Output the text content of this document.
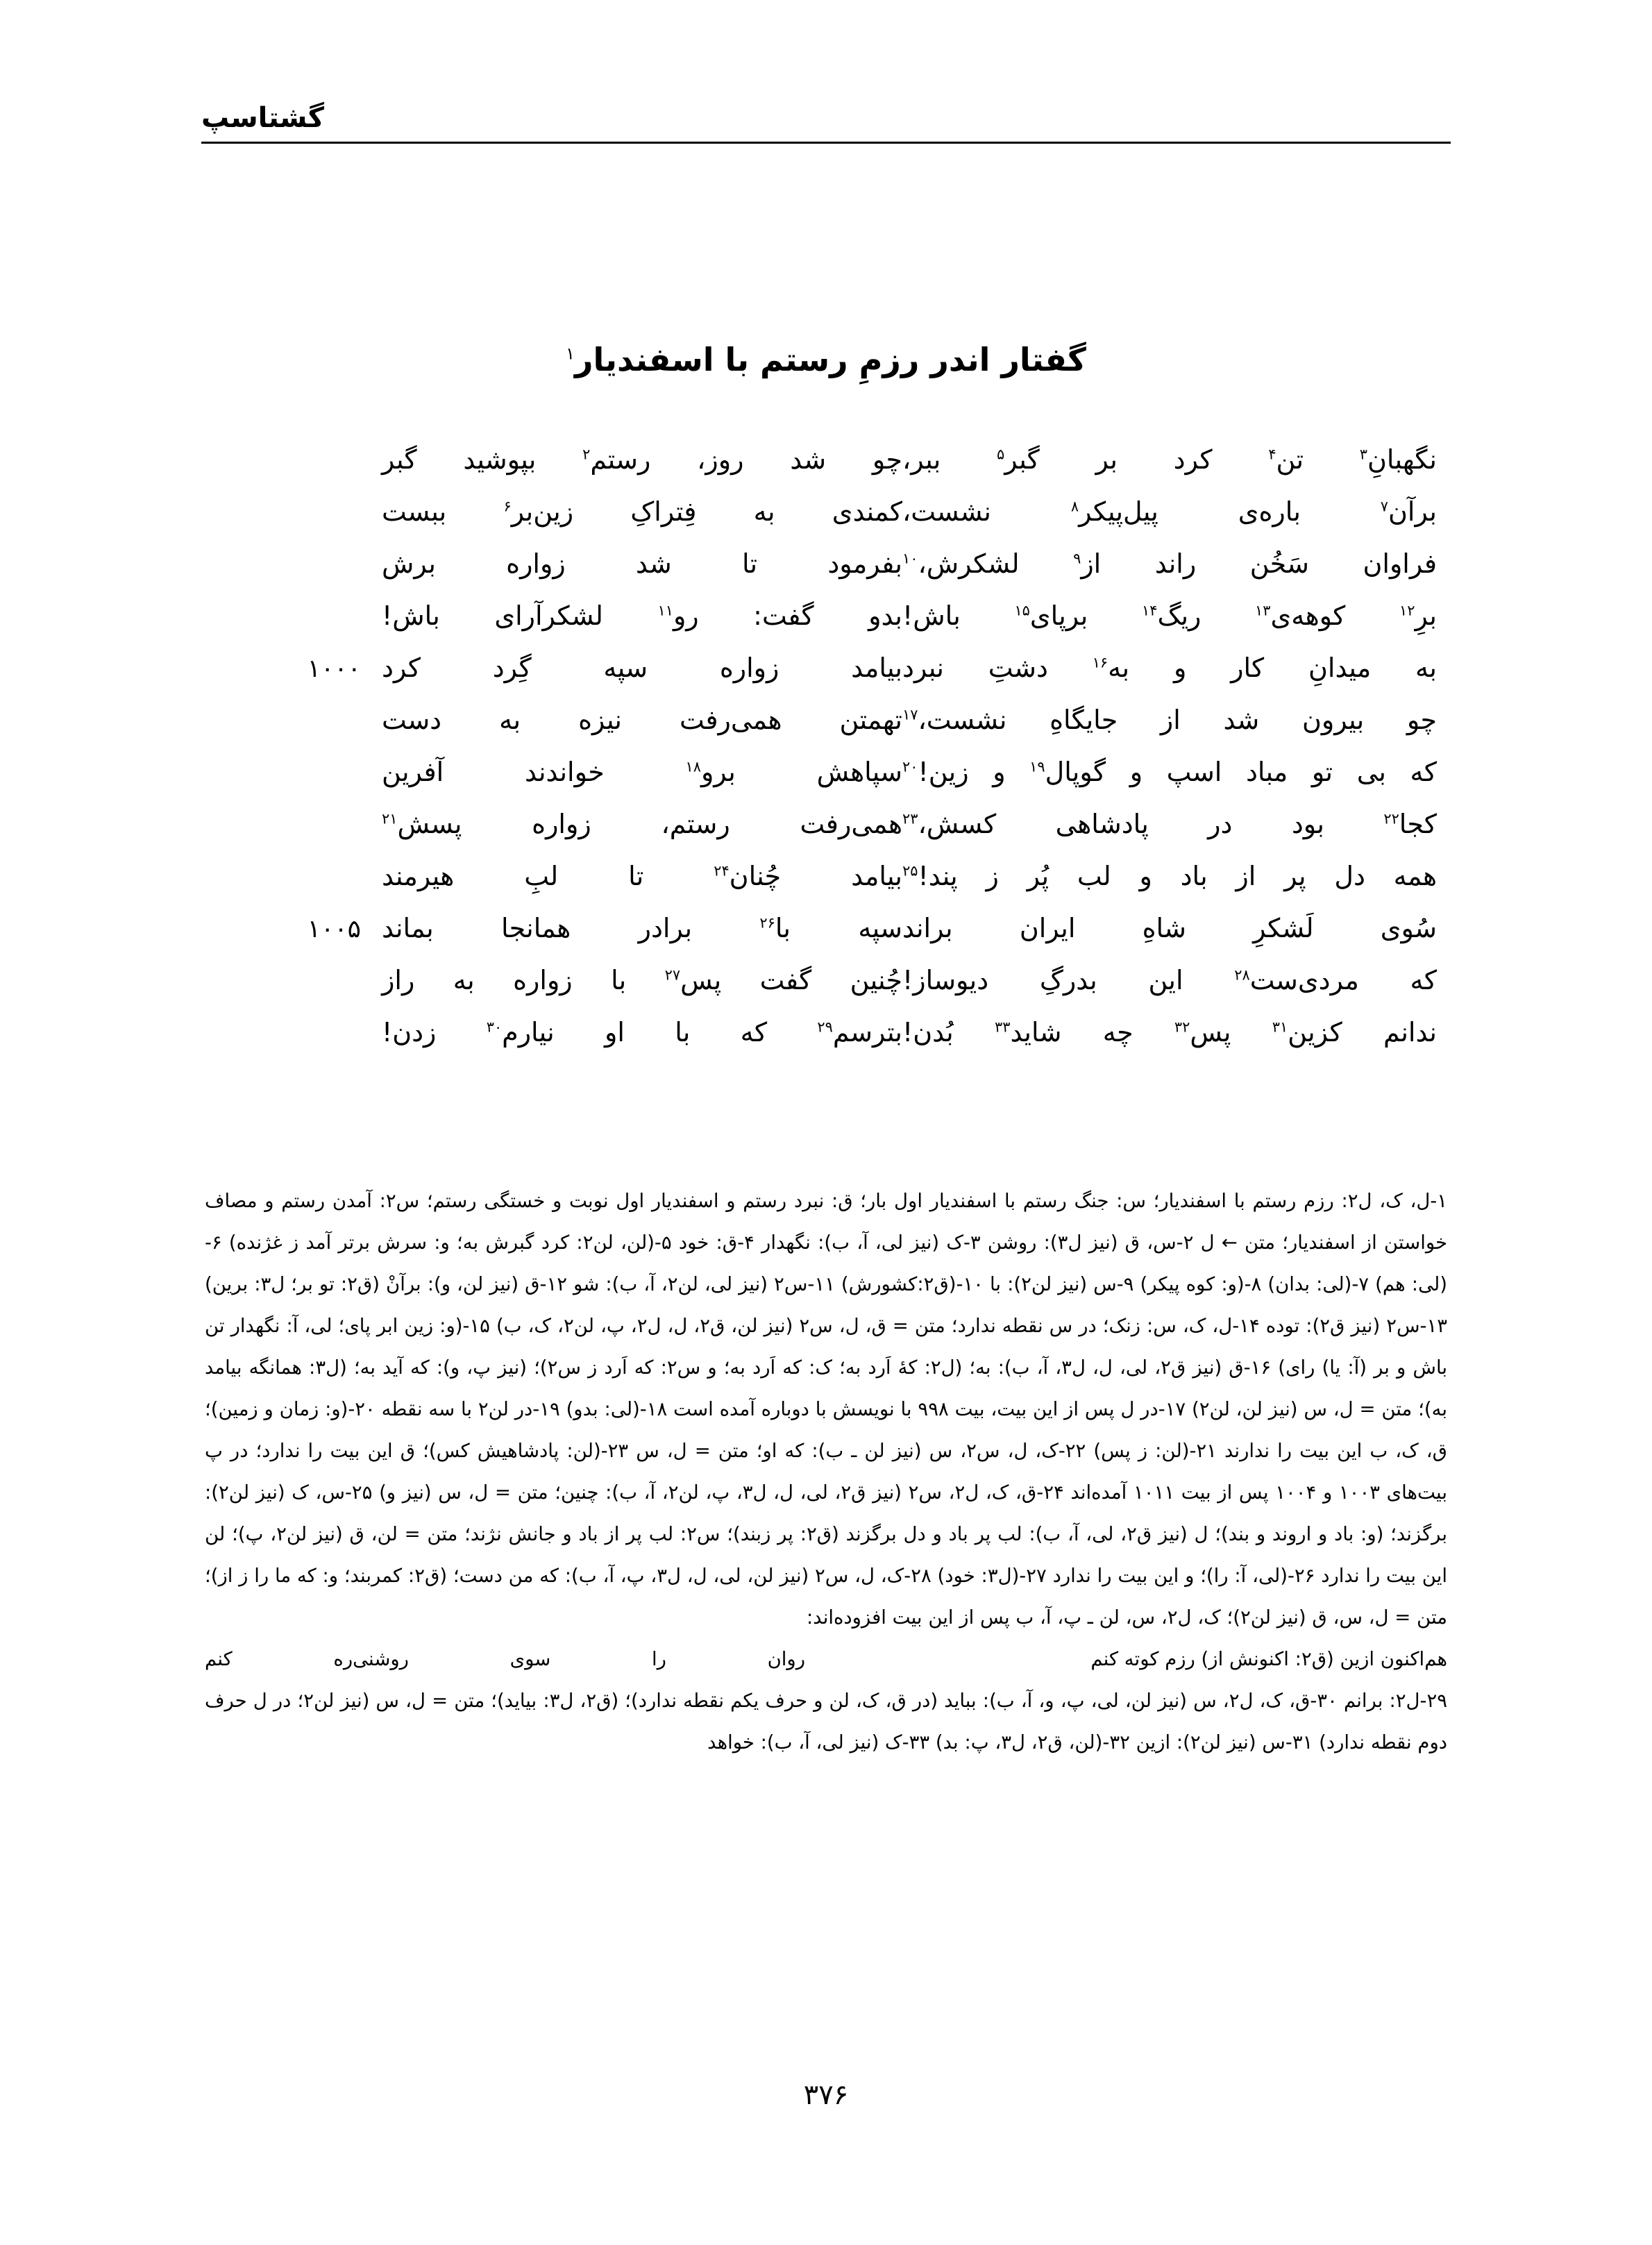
گشتاسپ
گفتار اندر رزمِ رستم با اسفندیار$^۱$
نگهبانِ$^۳$
تن$^۴$
کرد
بر
گبر$^۵$
ببر،
چو
شد
روز،
رستم$^۲$
بپوشید
گبر
برآن$^۷$
باره‌ی
پیل‌پیکر$^۸$
نشست،
کمندی
به
فِتراکِ
زین‌بر$^۶$
ببست
فراوان
سَخُن
راند
از$^۹$
لشکرش،$^{۱۰}$
بفرمود
تا
شد
زواره
برش
برِ$^{۱۲}$
کوهه‌ی$^{۱۳}$
ریگ$^{۱۴}$
برپای$^{۱۵}$
باش!
بدو
گفت:
رو$^{۱۱}$
لشکرآرای
باش!
به
میدانِ
کار
و
به$^{۱۶}$
دشتِ
نبرد
بیامد
زواره
سپه
گِرد
کرد
۱۰۰۰
چو
بیرون
شد
از
جایگاهِ
نشست،$^{۱۷}$
تهمتن
همی‌رفت
نیزه
به
دست
که
بی
تو
مباد
اسپ
و
گوپال$^{۱۹}$
و
زین!$^{۲۰}$
سپاهش
برو$^{۱۸}$
خواندند
آفرین
کجا$^{۲۲}$
بود
در
پادشاهی
کسش،$^{۲۳}$
همی‌رفت
رستم،
زواره
پسش$^{۲۱}$
همه
دل
پر
از
باد
و
لب
پُر
ز
پند!$^{۲۵}$
بیامد
چُنان$^{۲۴}$
تا
لبِ
هیرمند
سُوی
لَشکرِ
شاهِ
ایران
براند
سپه
با$^{۲۶}$
برادر
همانجا
بماند
۱۰۰۵
که
مردی‌ست$^{۲۸}$
این
بدرگِ
دیوساز!
چُنین
گفت
پس$^{۲۷}$
با
زواره
به
راز
ندانم
کزین$^{۳۱}$
پس$^{۳۲}$
چه
شاید$^{۳۳}$
بُدن!
بترسم$^{۲۹}$
که
با
او
نیارم$^{۳۰}$
زدن!

۱-ل، ک، ل۲: رزم رستم با اسفندیار؛ س: جنگ رستم با اسفندیار اول بار؛ ق: نبرد رستم و اسفندیار اول نوبت و خستگی رستم؛ س۲: آمدن رستم و مصاف خواستن از اسفندیار؛ متن ← ل ۲-س، ق (نیز ل۳)‏: روشن ۳-ک (نیز لی، آ، ب): نگهدار ۴-ق: خود ۵-(لن، لن۲: کرد گبرش به؛ و: سرش برتر آمد ز غژنده) ۶-(لی: هم) ۷-(لی: بدان) ۸-(و: کوه پیکر) ۹-س (نیز لن۲): با ۱۰-(ق۲:کشورش) ۱۱-س۲ (نیز لی، لن۲، آ، ب): شو ۱۲-ق (نیز لن، و): برآنْ (ق۲: تو بر؛ ل۳: برین) ۱۳-س۲ (نیز ق۲): توده ۱۴-ل، ک، س: زنک؛ در س نقطه ندارد؛ متن = ق، ل، س۲ (نیز لن، ق۲، ل، ل۲، پ، لن۲، ک، ب) ۱۵-(و: زین ابر پای؛ لی، آ: نگهدار تن باش و بر (آ: یا) رای) ۱۶-ق (نیز ق۲، لی، ل، ل۳، آ، ب): به؛ (ل۲: کهٔ اَرد به؛ ک: که اَرد به؛ و س۲: که اَرد ز س۲)؛ (نیز پ، و): که آید به؛ (ل۳: همانگه بیامد به)؛ متن = ل، س (نیز لن، لن۲) ۱۷-در ل پس از این بیت، بیت ۹۹۸ با نویسش با دوباره آمده است ۱۸-(لی: بدو) ۱۹-در لن۲ با سه نقطه ۲۰-(و: زمان و زمین)؛ ق، ک، ب این بیت را ندارند ۲۱-(لن: ز پس) ۲۲-ک، ل، س۲، س (نیز لن ـ ب): که او؛ متن = ل، س ۲۳-(لن: پادشاهیش کس)؛ ق این بیت را ندارد؛ در پ بیت‌های ۱۰۰۳ و ۱۰۰۴ پس از بیت ۱۰۱۱ آمده‌اند ۲۴-ق، ک، ل۲، س۲ (نیز ق۲، لی، ل، ل۳، پ، لن۲، آ، ب): چنین؛ متن = ل، س (نیز و) ۲۵-س، ک (نیز لن۲): برگزند؛ (و: باد و اروند و بند)؛ ل (نیز ق۲، لی، آ، ب): لب پر باد و دل برگزند (ق۲: پر زبند)؛ س۲: لب پر از باد و جانش نژند؛ متن = لن، ق (نیز لن۲، پ)؛ لن این بیت را ندارد ۲۶-(لی، آ: را)؛ و این بیت را ندارد ۲۷-(ل۳: خود) ۲۸-ک، ل، س۲ (نیز لن، لی، ل، ل۳، پ، آ، ب): که من دست؛ (ق۲: کمربند؛ و: که ما را ز از)؛ متن = ل، س، ق (نیز لن۲)؛ ک، ل۲، س، لن ـ پ، آ، ب پس از این بیت افزوده‌اند:

هم‌اکنون ازین (ق۲: اکنونش از) رزم کوته کنم
روان
را
سوی
روشنی‌ره
کنم

۲۹-ل۲: برانم ۳۰-ق، ک، ل۲، س (نیز لن، لی، پ، و، آ، ب): بباید (در ق، ک، لن و حرف یکم نقطه ندارد)؛ (ق۲، ل۳: بیاید)؛ متن = ل، س (نیز لن۲؛ در ل حرف دوم نقطه ندارد) ۳۱-س (نیز لن۲): ازین ۳۲-(لن، ق۲، ل۳، پ: بد) ۳۳-ک (نیز لی، آ، ب): خواهد

۳۷۶
